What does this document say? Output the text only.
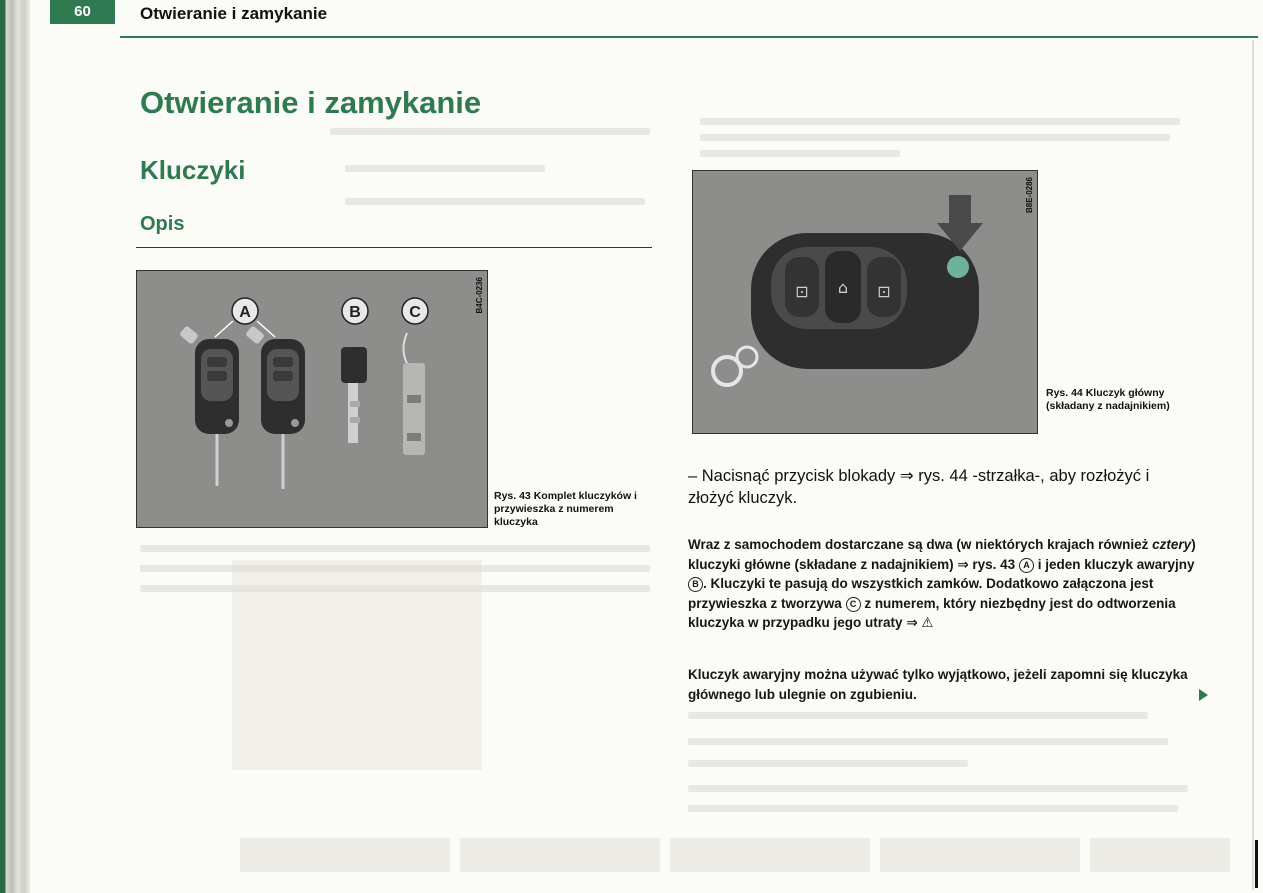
60	Otwieranie i zamykanie
Otwieranie i zamykanie
Kluczyki
Opis
A	B	C	B4C-0236
Rys. 43 Komplet kluczyków i przywieszka z numerem kluczyka
⊡ ⌂ ⊡
B8E-0286
Rys. 44 Kluczyk główny (składany z nadajnikiem)
– Nacisnąć przycisk blokady ⇒ rys. 44 -strzałka-, aby rozłożyć i złożyć kluczyk.
Wraz z samochodem dostarczane są dwa (w niektórych krajach również cztery) kluczyki główne (składane z nadajnikiem) ⇒ rys. 43 A i jeden kluczyk awaryjny B . Kluczyki te pasują do wszystkich zamków. Dodatkowo załączona jest przywieszka z tworzywa C z numerem, który niezbędny jest do odtworzenia kluczyka w przypadku jego utraty ⇒ ⚠
Kluczyk awaryjny można używać tylko wyjątkowo, jeżeli zapomni się kluczyka głównego lub ulegnie on zgubieniu.
